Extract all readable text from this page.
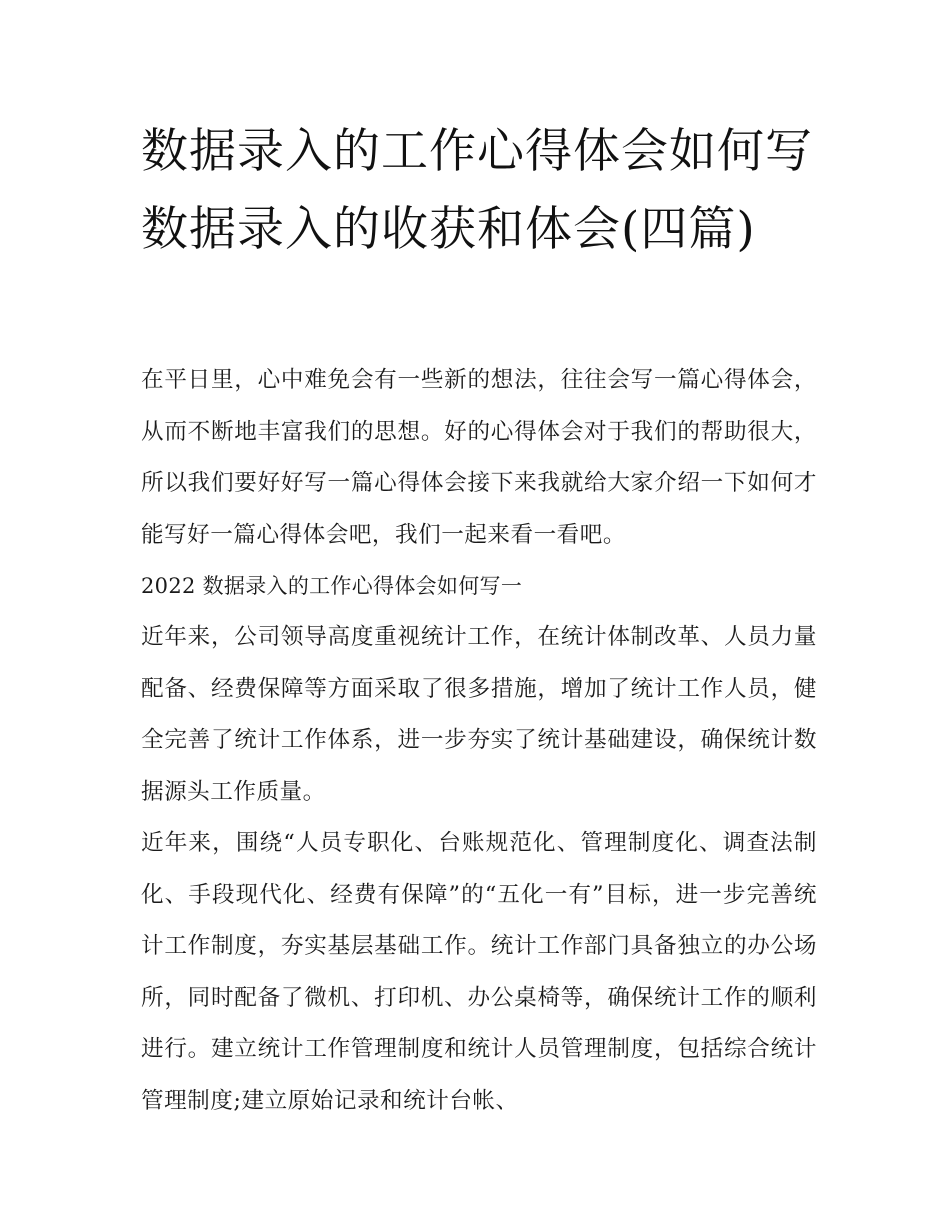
数据录入的工作心得体会如何写 数据录入的收获和体会(四篇)

在平日里，心中难免会有一些新的想法，往往会写一篇心得体会，从而不断地丰富我们的思想。好的心得体会对于我们的帮助很大，所以我们要好好写一篇心得体会接下来我就给大家介绍一下如何才能写好一篇心得体会吧，我们一起来看一看吧。

2022 数据录入的工作心得体会如何写一

近年来，公司领导高度重视统计工作，在统计体制改革、人员力量配备、经费保障等方面采取了很多措施，增加了统计工作人员，健全完善了统计工作体系，进一步夯实了统计基础建设，确保统计数据源头工作质量。

近年来，围绕“人员专职化、台账规范化、管理制度化、调查法制化、手段现代化、经费有保障”的“五化一有”目标，进一步完善统计工作制度，夯实基层基础工作。统计工作部门具备独立的办公场所，同时配备了微机、打印机、办公桌椅等，确保统计工作的顺利进行。建立统计工作管理制度和统计人员管理制度，包括综合统计管理制度;建立原始记录和统计台帐、
